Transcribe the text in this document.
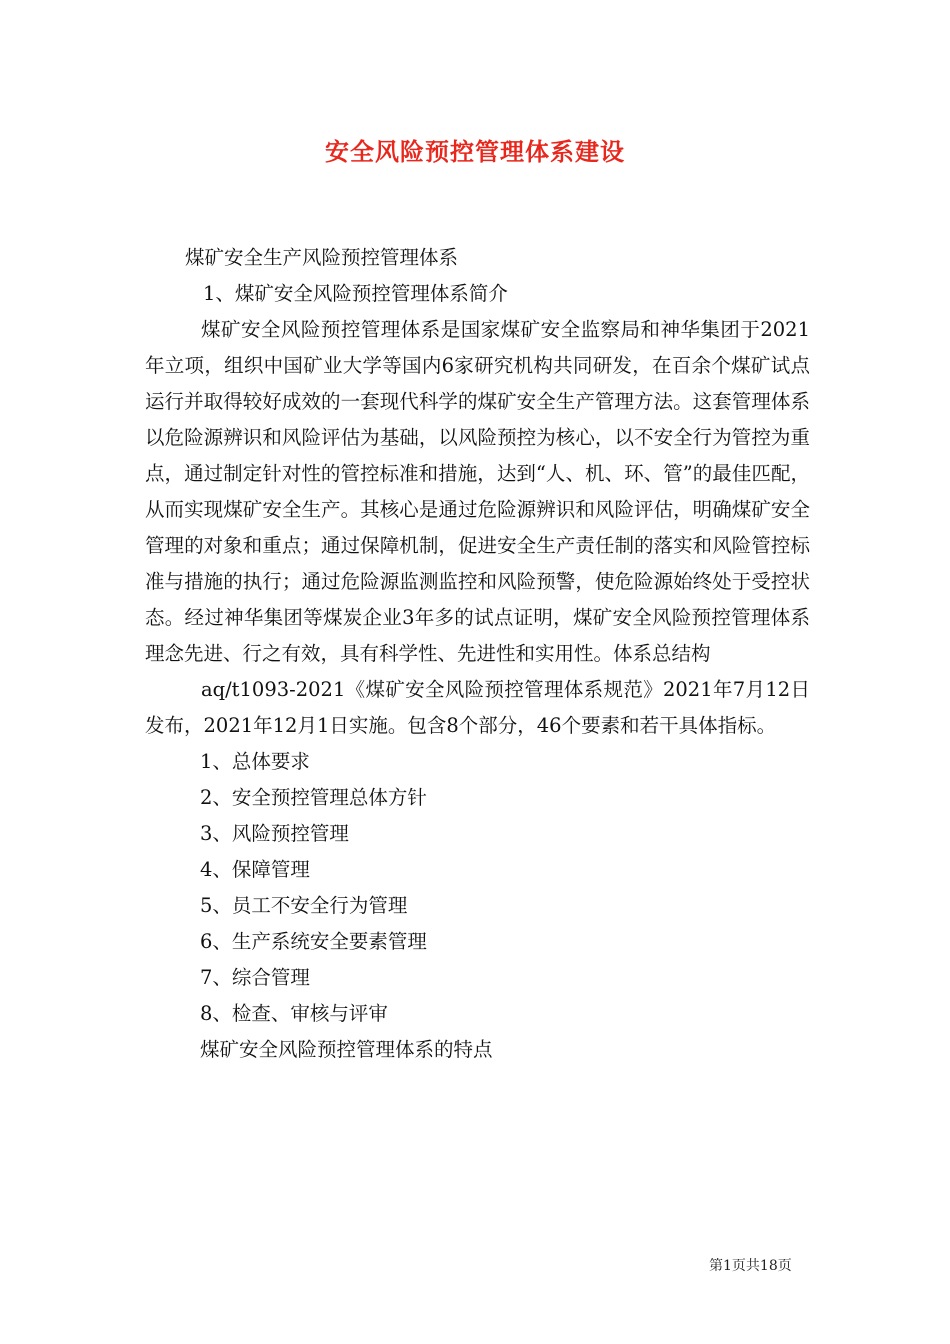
安全风险预控管理体系建设

煤矿安全生产风险预控管理体系

1、煤矿安全风险预控管理体系简介

煤矿安全风险预控管理体系是国家煤矿安全监察局和神华集团于2021年立项，组织中国矿业大学等国内6家研究机构共同研发，在百余个煤矿试点运行并取得较好成效的一套现代科学的煤矿安全生产管理方法。这套管理体系以危险源辨识和风险评估为基础，以风险预控为核心，以不安全行为管控为重点，通过制定针对性的管控标准和措施，达到“人、机、环、管”的最佳匹配，从而实现煤矿安全生产。其核心是通过危险源辨识和风险评估，明确煤矿安全管理的对象和重点；通过保障机制，促进安全生产责任制的落实和风险管控标准与措施的执行；通过危险源监测监控和风险预警，使危险源始终处于受控状态。经过神华集团等煤炭企业3年多的试点证明，煤矿安全风险预控管理体系理念先进、行之有效，具有科学性、先进性和实用性。体系总结构

aq/t1093-2021《煤矿安全风险预控管理体系规范》2021年7月12日发布，2021年12月1日实施。包含8个部分，46个要素和若干具体指标。

1、总体要求

2、安全预控管理总体方针

3、风险预控管理

4、保障管理

5、员工不安全行为管理

6、生产系统安全要素管理

7、综合管理

8、检查、审核与评审

煤矿安全风险预控管理体系的特点

第1页共18页
